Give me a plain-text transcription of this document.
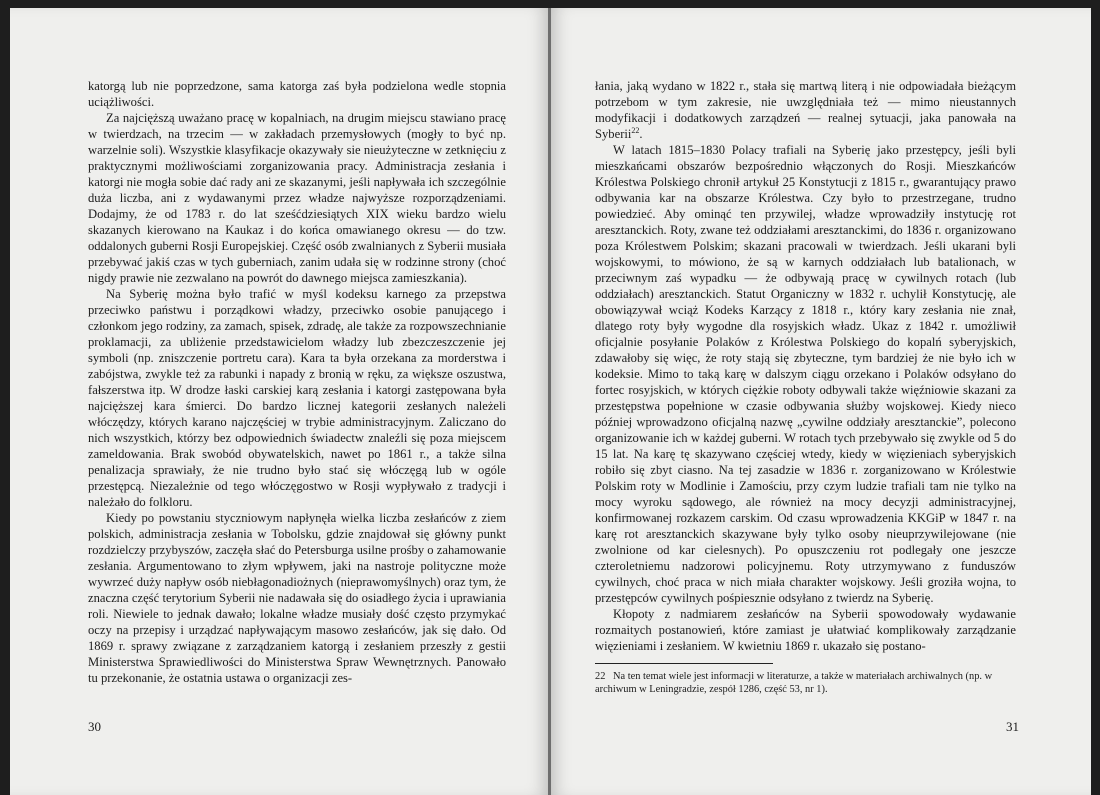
katorgą lub nie poprzedzone, sama katorga zaś była podzielona wedle stopnia uciążliwości.

Za najcięższą uważano pracę w kopalniach, na drugim miejscu stawiano pracę w twierdzach, na trzecim — w zakładach przemysłowych (mogły to być np. warzelnie soli). Wszystkie klasyfikacje okazywały sie nieużyteczne w zetknięciu z praktycznymi możliwościami zorganizowania pracy. Administracja zesłania i katorgi nie mogła sobie dać rady ani ze skazanymi, jeśli napływała ich szczególnie duża liczba, ani z wydawanymi przez władze najwyższe rozporządzeniami. Dodajmy, że od 1783 r. do lat sześćdziesiątych XIX wieku bardzo wielu skazanych kierowano na Kaukaz i do końca omawianego okresu — do tzw. oddalonych guberni Rosji Europejskiej. Część osób zwalnianych z Syberii musiała przebywać jakiś czas w tych guberniach, zanim udała się w rodzinne strony (choć nigdy prawie nie zezwalano na powrót do dawnego miejsca zamieszkania).

Na Syberię można było trafić w myśl kodeksu karnego za przepstwa przeciwko państwu i porządkowi władzy, przeciwko osobie panującego i członkom jego rodziny, za zamach, spisek, zdradę, ale także za rozpowszechnianie proklamacji, za ubliżenie przedstawicielom władzy lub zbezczeszczenie jej symboli (np. zniszczenie portretu cara). Kara ta była orzekana za morderstwa i zabójstwa, zwykle też za rabunki i napady z bronią w ręku, za większe oszustwa, fałszerstwa itp. W drodze łaski carskiej karą zesłania i katorgi zastępowana była najcięższej kara śmierci. Do bardzo licznej kategorii zesłanych należeli włóczędzy, których karano najczęściej w trybie administracyjnym. Zaliczano do nich wszystkich, którzy bez odpowiednich świadectw znaleźli się poza miejscem zameldowania. Brak swobód obywatelskich, nawet po 1861 r., a także silna penalizacja sprawiały, że nie trudno było stać się włóczęgą lub w ogóle przestępcą. Niezależnie od tego włóczęgostwo w Rosji wypływało z tradycji i należało do folkloru.

Kiedy po powstaniu styczniowym napłynęła wielka liczba zesłańców z ziem polskich, administracja zesłania w Tobolsku, gdzie znajdował się główny punkt rozdzielczy przybyszów, zaczęła słać do Petersburga usilne prośby o zahamowanie zesłania. Argumentowano to złym wpływem, jaki na nastroje polityczne może wywrzeć duży napływ osób niebłagonadiożnych (nieprawomyślnych) oraz tym, że znaczna część terytorium Syberii nie nadawała się do osiadłego życia i uprawiania roli. Niewiele to jednak dawało; lokalne władze musiały dość często przymykać oczy na przepisy i urządzać napływającym masowo zesłańców, jak się dało. Od 1869 r. sprawy związane z zarządzaniem katorgą i zesłaniem przeszły z gestii Ministerstwa Sprawiedliwości do Ministerstwa Spraw Wewnętrznych. Panowało tu przekonanie, że ostatnia ustawa o organizacji zes-

30

łania, jaką wydano w 1822 r., stała się martwą literą i nie odpowiadała bieżącym potrzebom w tym zakresie, nie uwzględniała też — mimo nieustannych modyfikacji i dodatkowych zarządzeń — realnej sytuacji, jaka panowała na Syberii$^{22}$.

W latach 1815–1830 Polacy trafiali na Syberię jako przestępcy, jeśli byli mieszkańcami obszarów bezpośrednio włączonych do Rosji. Mieszkańców Królestwa Polskiego chronił artykuł 25 Konstytucji z 1815 r., gwarantujący prawo odbywania kar na obszarze Królestwa. Czy było to przestrzegane, trudno powiedzieć. Aby ominąć ten przywilej, władze wprowadziły instytucję rot aresztanckich. Roty, zwane też oddziałami aresztanckimi, do 1836 r. organizowano poza Królestwem Polskim; skazani pracowali w twierdzach. Jeśli ukarani byli wojskowymi, to mówiono, że są w karnych oddziałach lub batalionach, w przeciwnym zaś wypadku — że odbywają pracę w cywilnych rotach (lub oddziałach) aresztanckich. Statut Organiczny w 1832 r. uchylił Konstytucję, ale obowiązywał wciąż Kodeks Karzący z 1818 r., który kary zesłania nie znał, dlatego roty były wygodne dla rosyjskich władz. Ukaz z 1842 r. umożliwił oficjalnie posyłanie Polaków z Królestwa Polskiego do kopalń syberyjskich, zdawałoby się więc, że roty stają się zbyteczne, tym bardziej że nie było ich w kodeksie. Mimo to taką karę w dalszym ciągu orzekano i Polaków odsyłano do fortec rosyjskich, w których ciężkie roboty odbywali także więźniowie skazani za przestępstwa popełnione w czasie odbywania służby wojskowej. Kiedy nieco później wprowadzono oficjalną nazwę „cywilne oddziały aresztanckie”, polecono organizowanie ich w każdej guberni. W rotach tych przebywało się zwykle od 5 do 15 lat. Na karę tę skazywano częściej wtedy, kiedy w więzieniach syberyjskich robiło się zbyt ciasno. Na tej zasadzie w 1836 r. zorganizowano w Królestwie Polskim roty w Modlinie i Zamościu, przy czym ludzie trafiali tam nie tylko na mocy wyroku sądowego, ale również na mocy decyzji administracyjnej, konfirmowanej rozkazem carskim. Od czasu wprowadzenia KKGiP w 1847 r. na karę rot aresztanckich skazywane były tylko osoby nieuprzywilejowane (nie zwolnione od kar cielesnych). Po opuszczeniu rot podlegały one jeszcze czteroletniemu nadzorowi policyjnemu. Roty utrzymywano z funduszów cywilnych, choć praca w nich miała charakter wojskowy. Jeśli groziła wojna, to przestępców cywilnych pośpiesznie odsyłano z twierdz na Syberię.

Kłopoty z nadmiarem zesłańców na Syberii spowodowały wydawanie rozmaitych postanowień, które zamiast je ułatwiać komplikowały zarządzanie więzieniami i zesłaniem. W kwietniu 1869 r. ukazało się postano-

22 Na ten temat wiele jest informacji w literaturze, a także w materiałach archiwalnych (np. w archiwum w Leningradzie, zespół 1286, część 53, nr 1).
31
